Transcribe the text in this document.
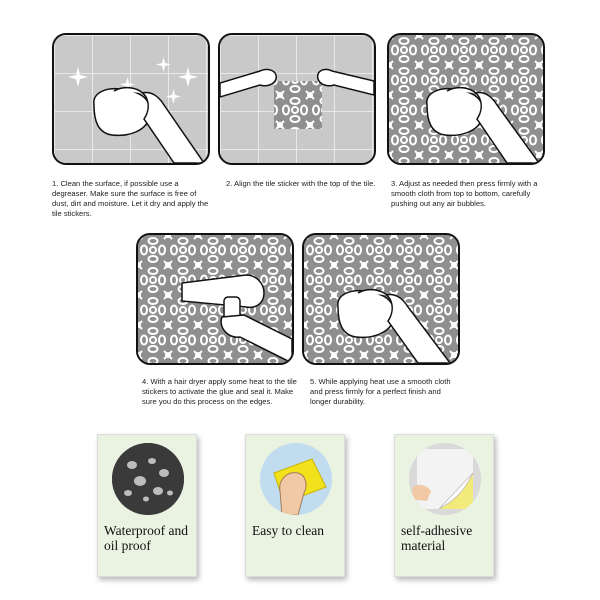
1. Clean the surface, if possible use a degreaser. Make sure the surface is free of dust, dirt and moisture. Let it dry and apply the tile stickers.

2. Align the tile sticker with the top of the tile. 3. Adjust as needed then press firmly with a smooth cloth from top to bottom, carefully pushing out any air bubbles.

4. With a hair dryer apply some heat to the tile stickers to activate the glue and seal it. Make sure you do this process on the edges.

5. While applying heat use a smooth cloth and press firmly for a perfect finish and longer durability.

Waterproof and oil proof
Easy to clean	self-adhesive material
